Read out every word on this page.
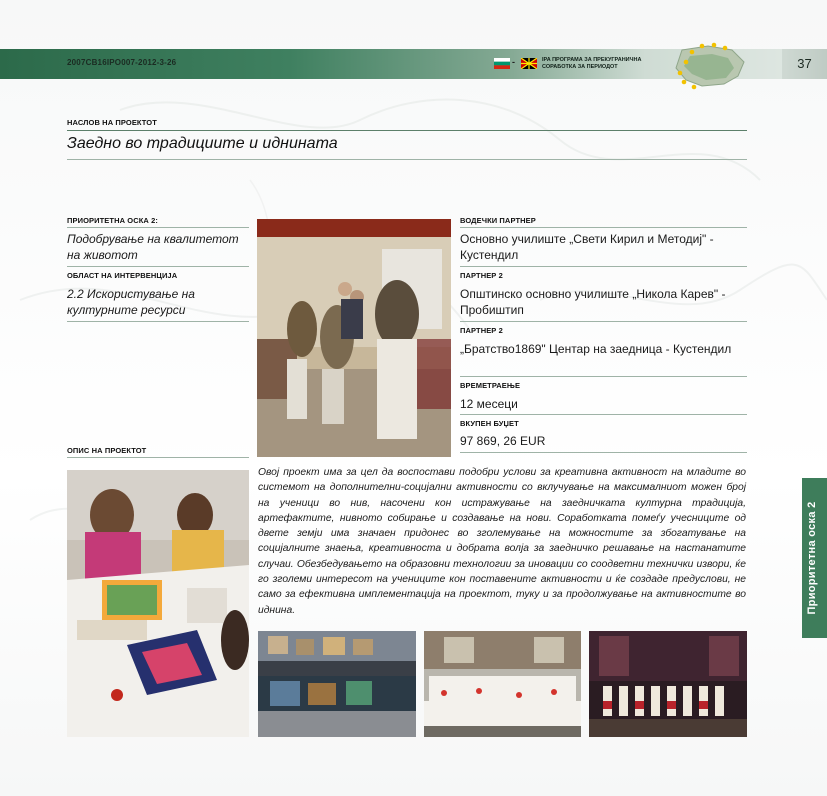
2007CB16IPO007-2012-3-26	-	IPA ПРОГРАМА ЗА ПРЕКУГРАНИЧНА СОРАБОТКА ЗА ПЕРИОДОТ	37
НАСЛОВ НА ПРОЕКТОТ
Заедно во традициите и иднината
ПРИОРИТЕТНА ОСКА 2:
Подобрување на квалитетот на животот
ОБЛАСТ НА ИНТЕРВЕНЦИЈА
2.2 Искористување на културните ресурси
ВОДЕЧКИ ПАРТНЕР
Основно училиште „Свети Кирил и Методиј" - Кустендил
ПАРТНЕР 2
Општинско основно училиште „Никола Карев" - Пробиштип
ПАРТНЕР 2
„Братство1869" Центар на заедница - Кустендил
ВРЕМЕТРАЕЊЕ
12 месеци
ВКУПЕН БУЏЕТ
97 869, 26 EUR
ОПИС НА ПРОЕКТОТ
Овој проект има за цел да воспостави подобри услови за креативна активност на младите во системот на дополнителни-социјални активности со вклучување на максималниот можен број на ученици во нив, насочени кон истражување на заедничката културна традиција, артефактите, нивното собирање и создавање на нови. Соработката помеѓу учесниците од двете земји има значаен придонес во зголемување на можностите за збогатување на социјалните знаења, креативноста и добрата волја за заедничко решавање на настанатите случаи. Обезбедувањето на образовни технологии за иновации со соодветни технички извори, ќе го зголеми интересот на учениците кон поставените активности и ќе создаде предуслови, не само за ефективна имплементација на проектот, туку и за продолжување на активностите во иднина.	Приоритетна оска 2
